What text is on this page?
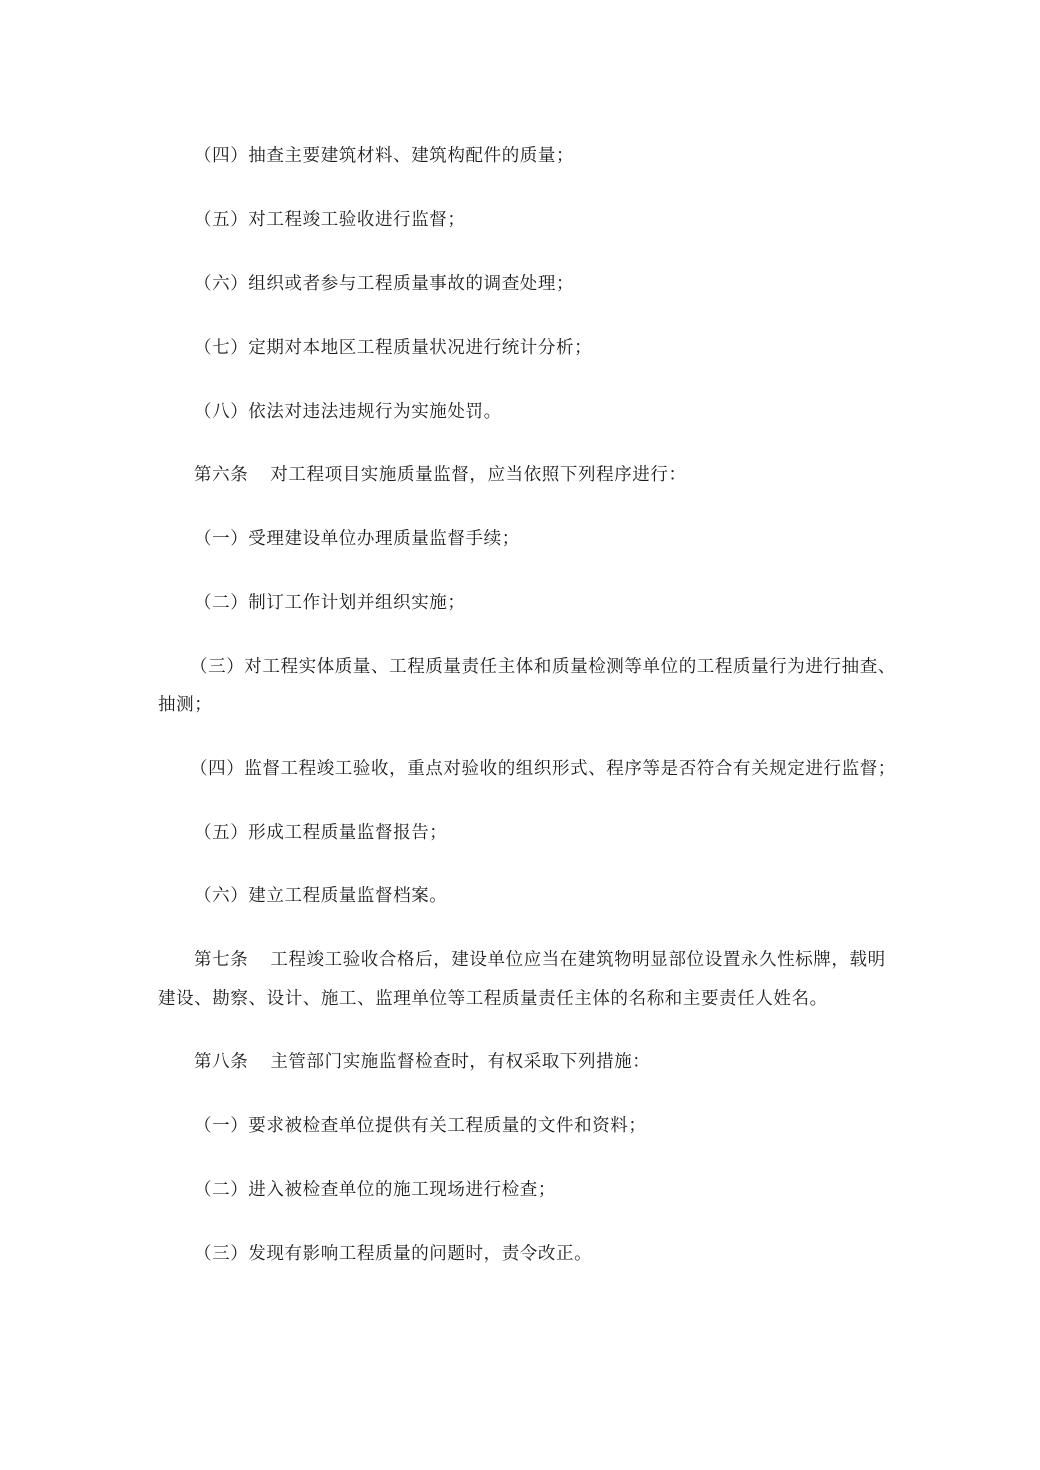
（四）抽查主要建筑材料、建筑构配件的质量；
（五）对工程竣工验收进行监督；
（六）组织或者参与工程质量事故的调查处理；
（七）定期对本地区工程质量状况进行统计分析；
（八）依法对违法违规行为实施处罚。
第六条 对工程项目实施质量监督，应当依照下列程序进行：
（一）受理建设单位办理质量监督手续；
（二）制订工作计划并组织实施；
（三）对工程实体质量、工程质量责任主体和质量检测等单位的工程质量行为进行抽查、
抽测；
（四）监督工程竣工验收，重点对验收的组织形式、程序等是否符合有关规定进行监督；
（五）形成工程质量监督报告；
（六）建立工程质量监督档案。
第七条 工程竣工验收合格后，建设单位应当在建筑物明显部位设置永久性标牌，载明
建设、勘察、设计、施工、监理单位等工程质量责任主体的名称和主要责任人姓名。
第八条 主管部门实施监督检查时，有权采取下列措施：
（一）要求被检查单位提供有关工程质量的文件和资料；
（二）进入被检查单位的施工现场进行检查；
（三）发现有影响工程质量的问题时，责令改正。
